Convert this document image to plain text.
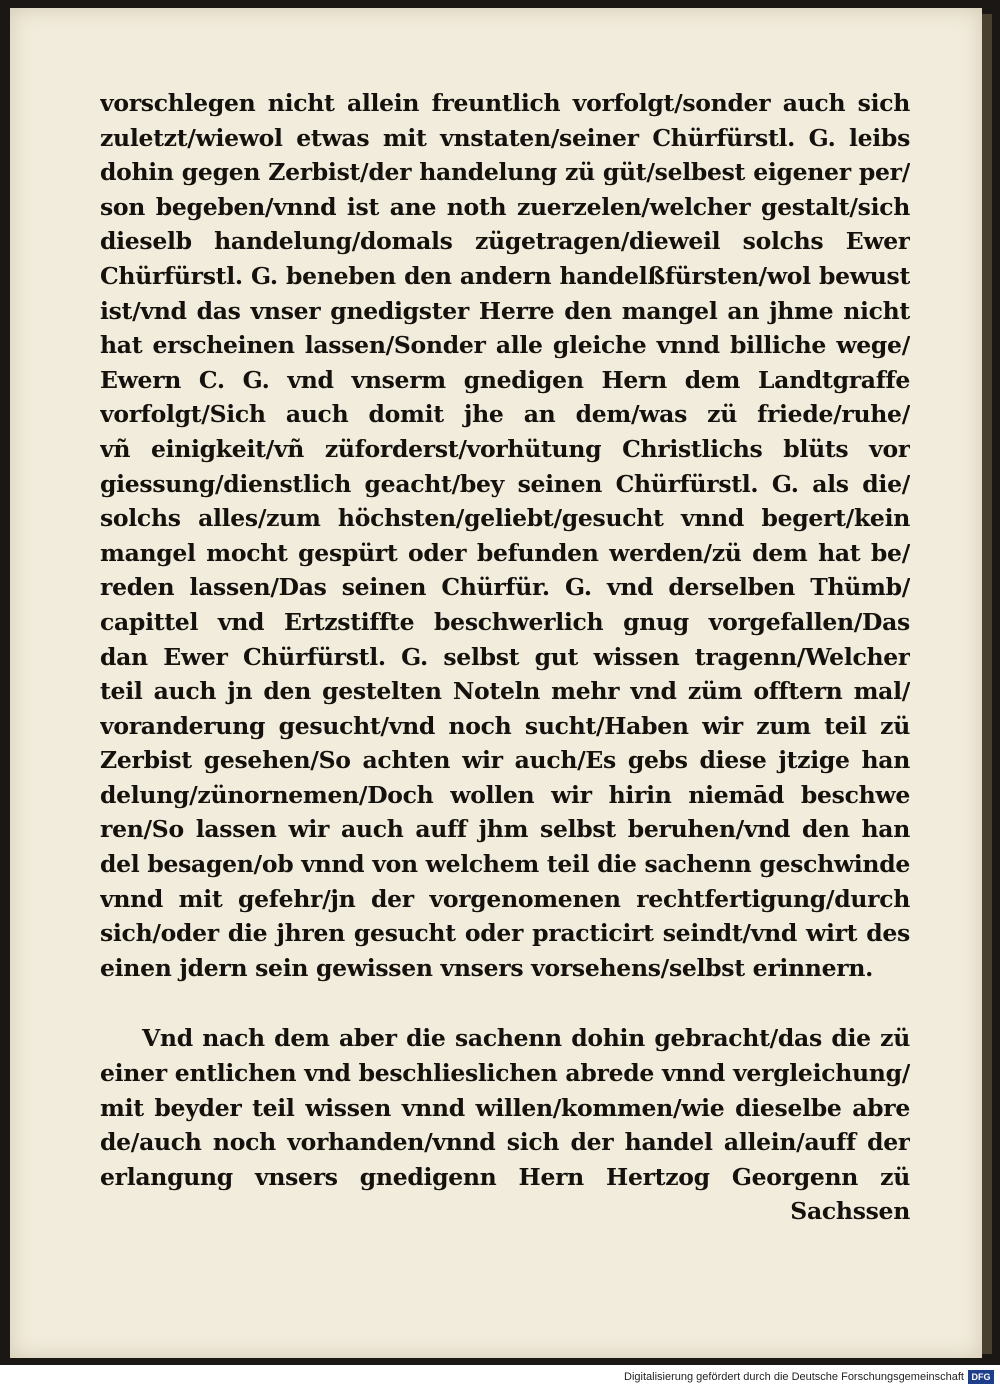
vorschlegen nicht allein freuntlich vorfolgt/sonder auch sich
zuletzt/wiewol etwas mit vnstaten/seiner Chürfürstl. G. leibs
dohin gegen Zerbist/der handelung zü güt/selbest eigener per/
son begeben/vnnd ist ane noth zuerzelen/welcher gestalt/sich
dieselb handelung/domals zügetragen/dieweil solchs Ewer
Chürfürstl. G. beneben den andern handelßfürsten/wol bewust
ist/vnd das vnser gnedigster Herre den mangel an jhme nicht
hat erscheinen lassen/Sonder alle gleiche vnnd billiche wege/
Ewern C. G. vnd vnserm gnedigen Hern dem Landtgraffe
vorfolgt/Sich auch domit jhe an dem/was zü friede/ruhe/
vñ einigkeit/vñ züforderst/vorhütung Christlichs blüts vor
giessung/dienstlich geacht/bey seinen Chürfürstl. G. als die/
solchs alles/zum höchsten/geliebt/gesucht vnnd begert/kein
mangel mocht gespürt oder befunden werden/zü dem hat be/
reden lassen/Das seinen Chürfür. G. vnd derselben Thümb/
capittel vnd Ertzstiffte beschwerlich gnug vorgefallen/Das
dan Ewer Chürfürstl. G. selbst gut wissen tragenn/Welcher
teil auch jn den gestelten Noteln mehr vnd züm offtern mal/
voranderung gesucht/vnd noch sucht/Haben wir zum teil zü
Zerbist gesehen/So achten wir auch/Es gebs diese jtzige han
delung/zünornemen/Doch wollen wir hirin niemād beschwe
ren/So lassen wir auch auff jhm selbst beruhen/vnd den han
del besagen/ob vnnd von welchem teil die sachenn geschwinde
vnnd mit gefehr/jn der vorgenomenen rechtfertigung/durch
sich/oder die jhren gesucht oder practicirt seindt/vnd wirt des
einen jdern sein gewissen vnsers vorsehens/selbst erinnern.
Vnd nach dem aber die sachenn dohin gebracht/das die zü
einer entlichen vnd beschlieslichen abrede vnnd vergleichung/
mit beyder teil wissen vnnd willen/kommen/wie dieselbe abre
de/auch noch vorhanden/vnnd sich der handel allein/auff der
erlangung vnsers gnedigenn Hern Hertzog Georgenn zü
Sachssen
Digitalisierung gefördert durch die Deutsche Forschungsgemeinschaft DFG
